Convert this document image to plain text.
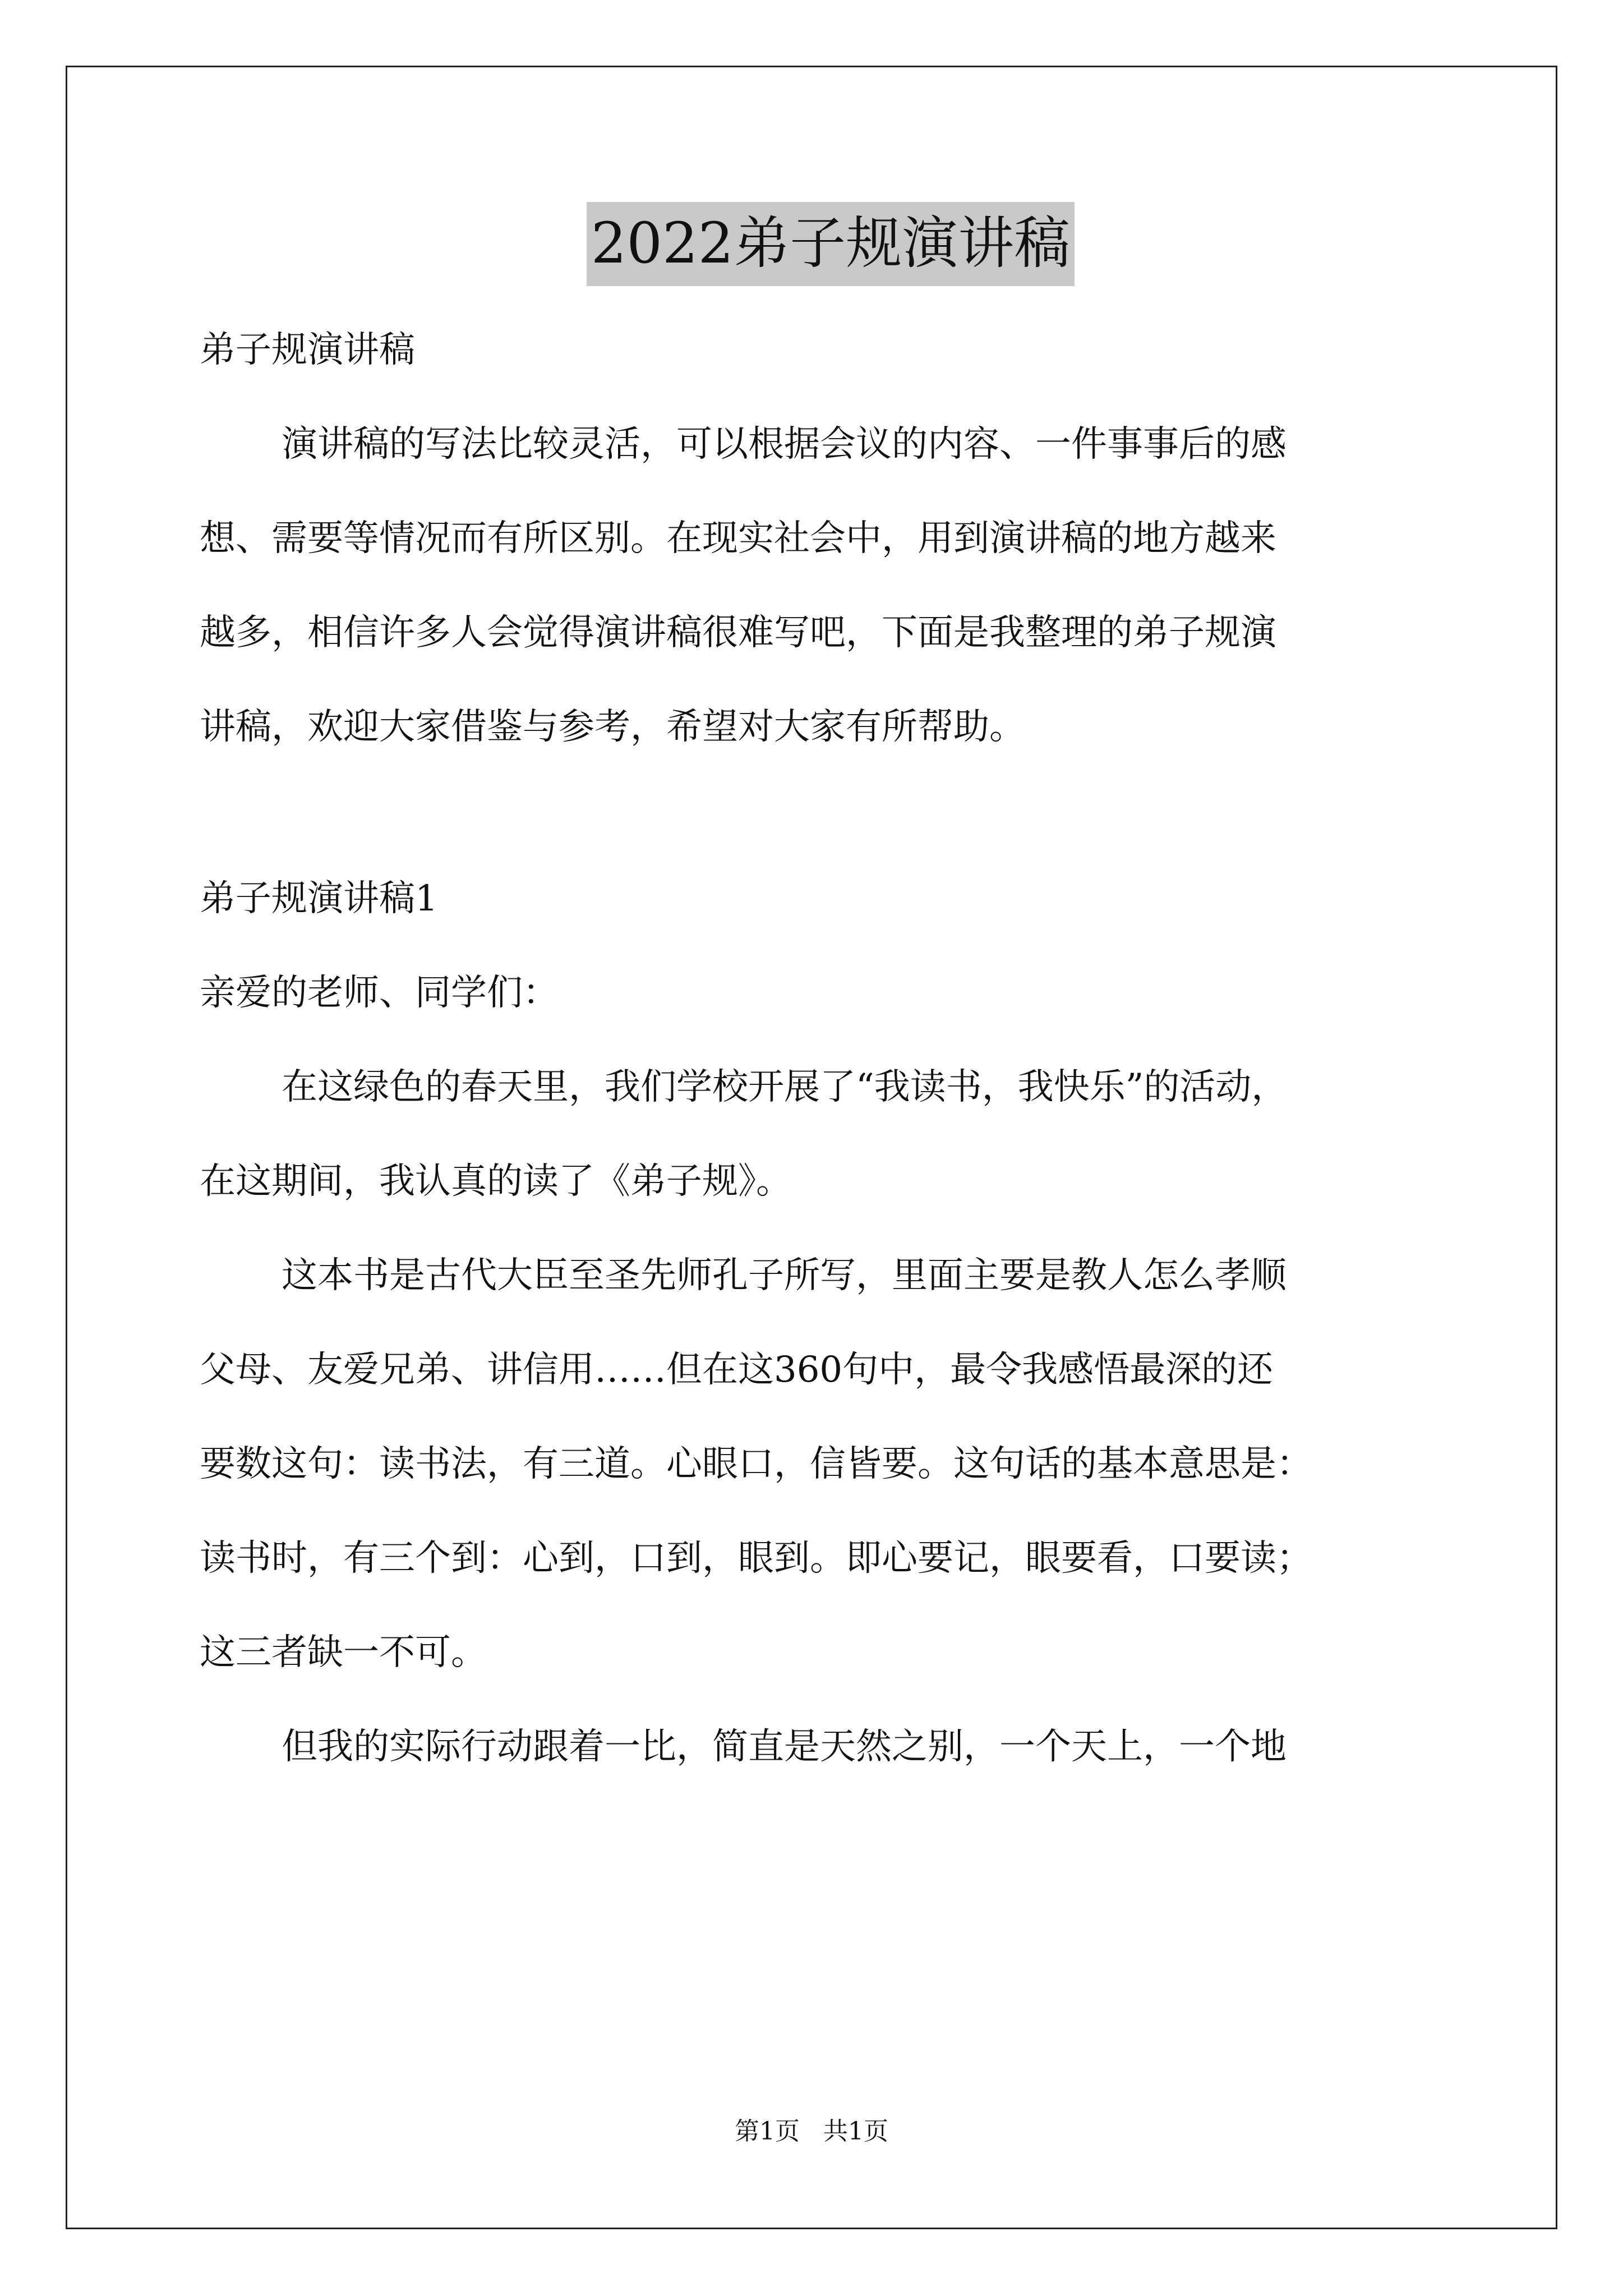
2022弟子规演讲稿

弟子规演讲稿

演讲稿的写法比较灵活，可以根据会议的内容、一件事事后的感

想、需要等情况而有所区别。在现实社会中，用到演讲稿的地方越来

越多，相信许多人会觉得演讲稿很难写吧，下面是我整理的弟子规演

讲稿，欢迎大家借鉴与参考，希望对大家有所帮助。

弟子规演讲稿1

亲爱的老师、同学们：

在这绿色的春天里，我们学校开展了“我读书，我快乐”的活动，

在这期间，我认真的读了《弟子规》。

这本书是古代大臣至圣先师孔子所写，里面主要是教人怎么孝顺

父母、友爱兄弟、讲信用……但在这360句中，最令我感悟最深的还

要数这句：读书法，有三道。心眼口，信皆要。这句话的基本意思是：

读书时，有三个到：心到，口到，眼到。即心要记，眼要看，口要读；

这三者缺一不可。

但我的实际行动跟着一比，简直是天然之别，一个天上，一个地

第1页   共1页
